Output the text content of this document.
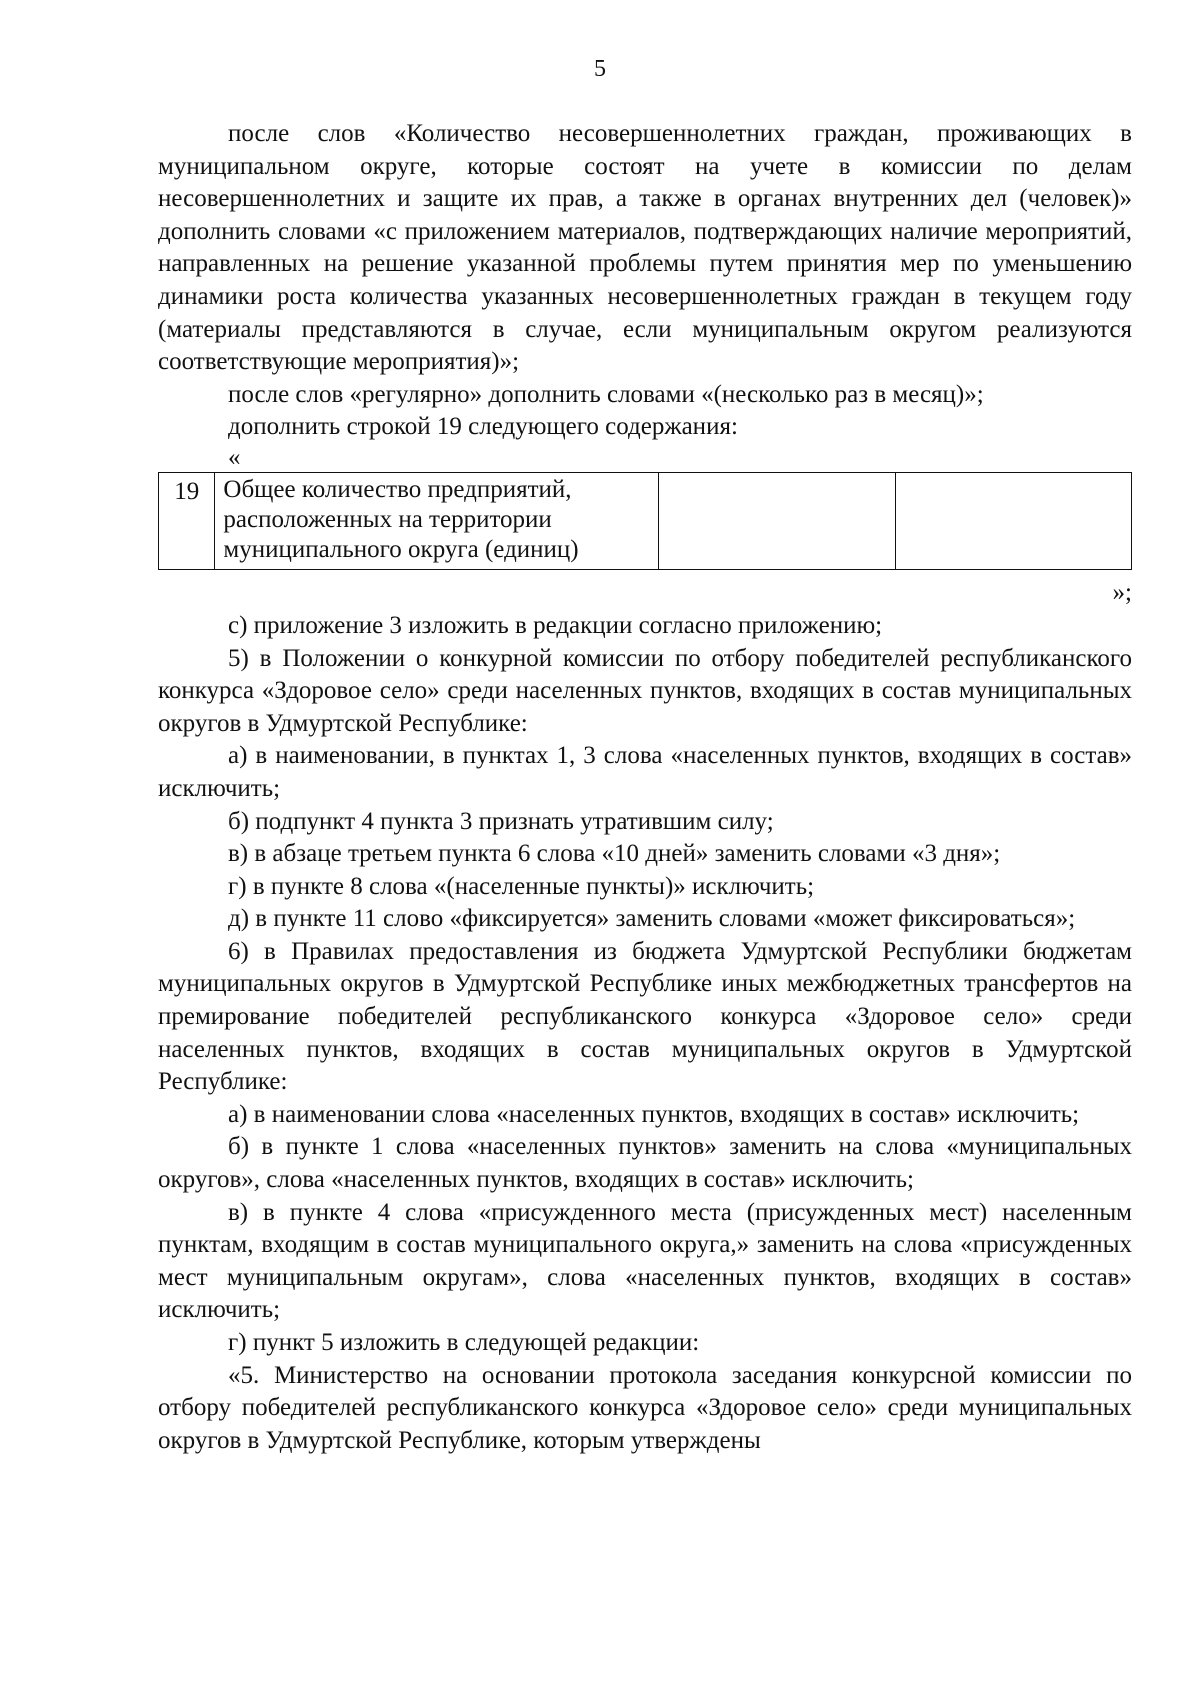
5

после слов «Количество несовершеннолетних граждан, проживающих в муниципальном округе, которые состоят на учете в комиссии по делам несовершеннолетних и защите их прав, а также в органах внутренних дел (человек)» дополнить словами «с приложением материалов, подтверждающих наличие мероприятий, направленных на решение указанной проблемы путем принятия мер по уменьшению динамики роста количества указанных несовершеннолетных граждан в текущем году (материалы представляются в случае, если муниципальным округом реализуются соответствующие мероприятия)»;

после слов «регулярно» дополнить словами «(несколько раз в месяц)»;

дополнить строкой 19 следующего содержания:

«

19	Общее количество предприятий, расположенных на территории муниципального округа (единиц)		

»;

с) приложение 3 изложить в редакции согласно приложению;

5) в Положении о конкурной комиссии по отбору победителей республиканского конкурса «Здоровое село» среди населенных пунктов, входящих в состав муниципальных округов в Удмуртской Республике:

а) в наименовании, в пунктах 1, 3 слова «населенных пунктов, входящих в состав» исключить;

б) подпункт 4 пункта 3 признать утратившим силу;

в) в абзаце третьем пункта 6 слова «10 дней» заменить словами «3 дня»;

г) в пункте 8 слова «(населенные пункты)» исключить;

д) в пункте 11 слово «фиксируется» заменить словами «может фиксироваться»;

6) в Правилах предоставления из бюджета Удмуртской Республики бюджетам муниципальных округов в Удмуртской Республике иных межбюджетных трансфертов на премирование победителей республиканского конкурса «Здоровое село» среди населенных пунктов, входящих в состав муниципальных округов в Удмуртской Республике:

а) в наименовании слова «населенных пунктов, входящих в состав» исключить;

б) в пункте 1 слова «населенных пунктов» заменить на слова «муниципальных округов», слова «населенных пунктов, входящих в состав» исключить;

в) в пункте 4 слова «присужденного места (присужденных мест) населенным пунктам, входящим в состав муниципального округа,» заменить на слова «присужденных мест муниципальным округам», слова «населенных пунктов, входящих в состав» исключить;

г) пункт 5 изложить в следующей редакции:

«5. Министерство на основании протокола заседания конкурсной комиссии по отбору победителей республиканского конкурса «Здоровое село» среди муниципальных округов в Удмуртской Республике, которым утверждены
